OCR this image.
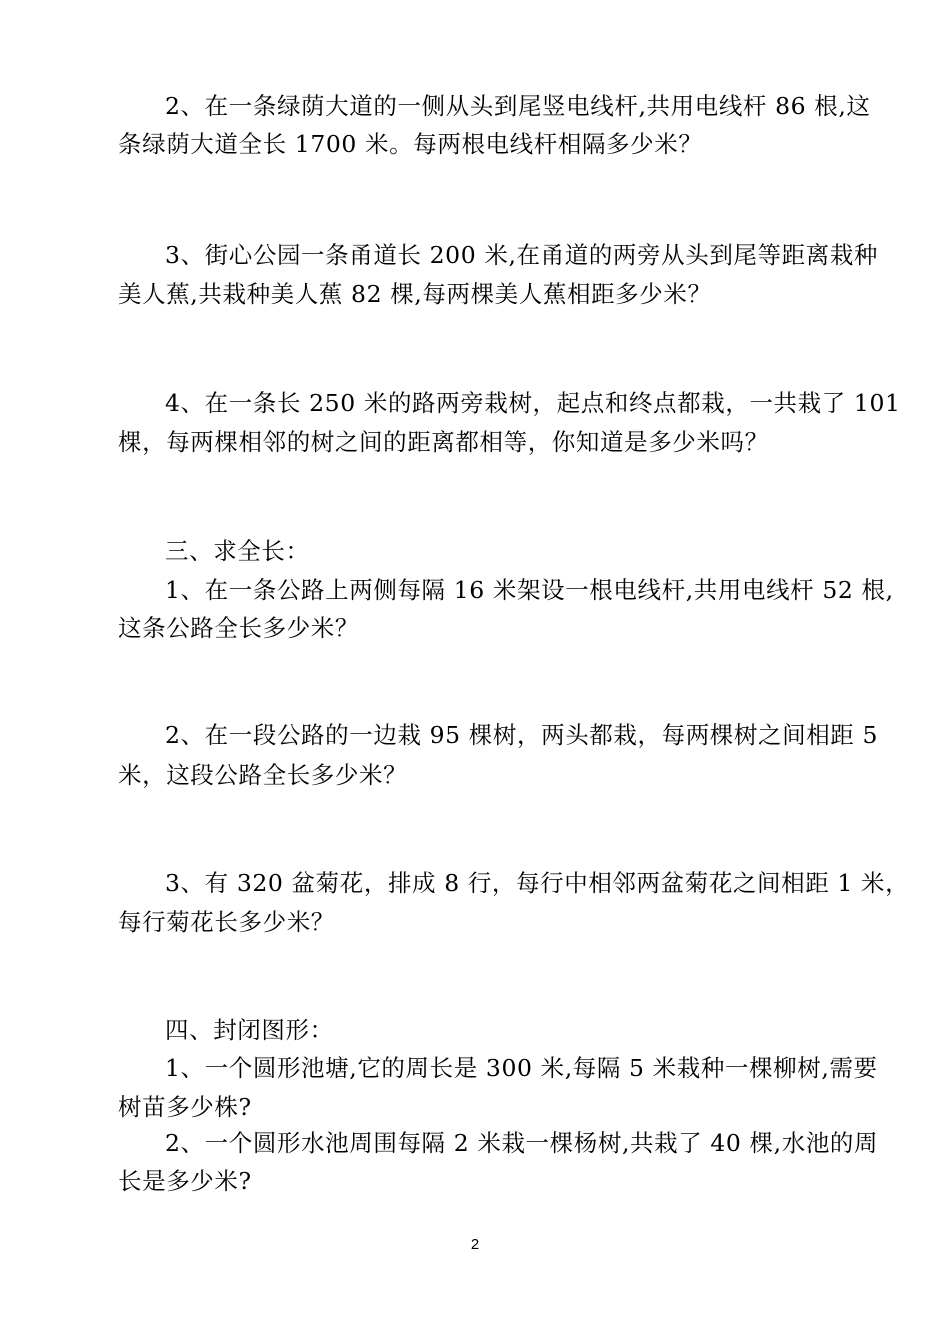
2、在一条绿荫大道的一侧从头到尾竖电线杆,共用电线杆 86 根,这
条绿荫大道全长 1700 米。每两根电线杆相隔多少米？
3、街心公园一条甬道长 200 米,在甬道的两旁从头到尾等距离栽种
美人蕉,共栽种美人蕉 82 棵,每两棵美人蕉相距多少米？
4、在一条长 250 米的路两旁栽树，起点和终点都栽，一共栽了 101
棵，每两棵相邻的树之间的距离都相等，你知道是多少米吗？
三、求全长：
1、在一条公路上两侧每隔 16 米架设一根电线杆,共用电线杆 52 根,
这条公路全长多少米？
2、在一段公路的一边栽 95 棵树，两头都栽，每两棵树之间相距 5
米，这段公路全长多少米？
3、有 320 盆菊花，排成 8 行，每行中相邻两盆菊花之间相距 1 米，
每行菊花长多少米？
四、封闭图形：
1、一个圆形池塘,它的周长是 300 米,每隔 5 米栽种一棵柳树,需要
树苗多少株?
2、一个圆形水池周围每隔 2 米栽一棵杨树,共栽了 40 棵,水池的周
长是多少米?
2
